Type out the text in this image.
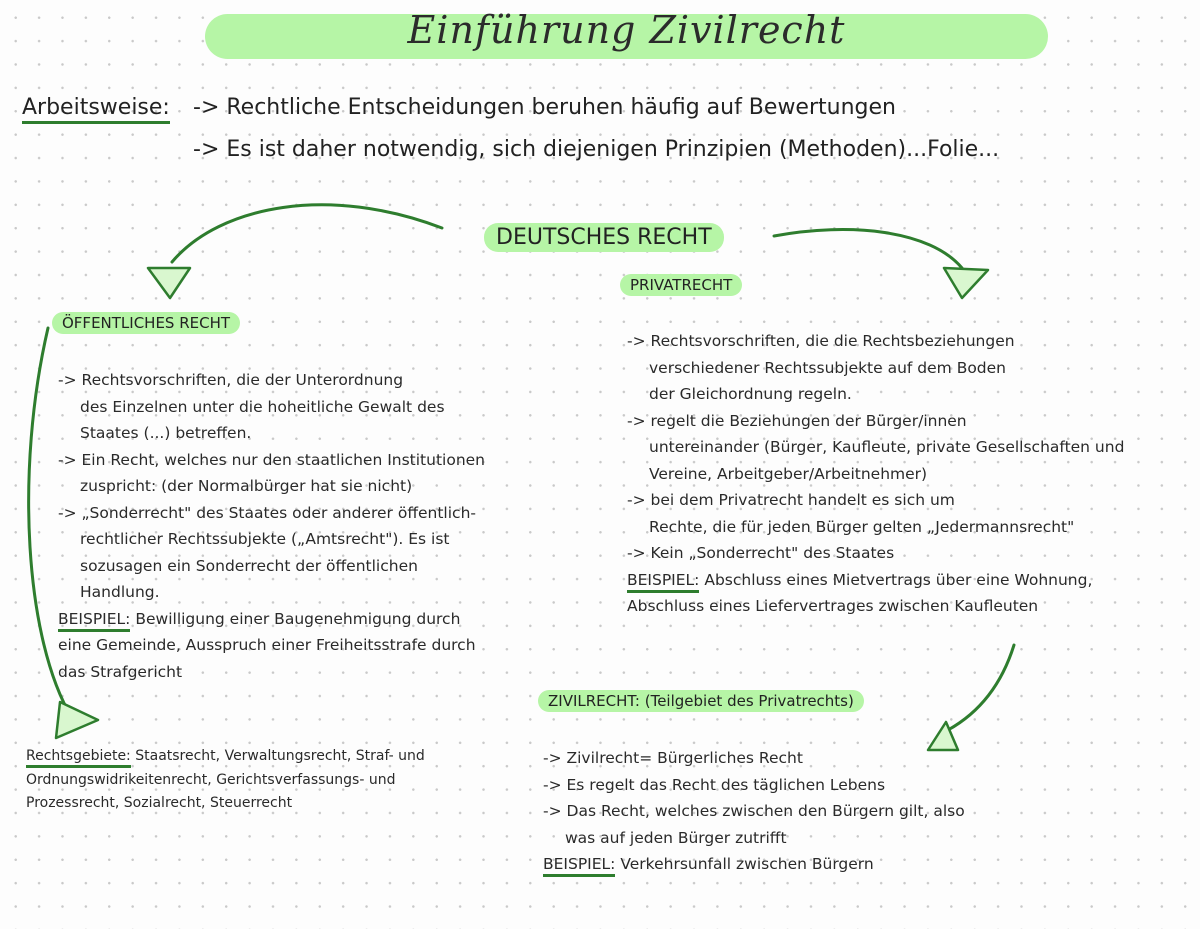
Einführung Zivilrecht
Arbeitsweise: -> Rechtliche Entscheidungen beruhen häufig auf Bewertungen
-> Es ist daher notwendig, sich diejenigen Prinzipien (Methoden)...Folie...
DEUTSCHES RECHT
ÖFFENTLICHES RECHT
-> Rechtsvorschriften, die der Unterordnung
des Einzelnen unter die hoheitliche Gewalt des
Staates (...) betreffen.
-> Ein Recht, welches nur den staatlichen Institutionen
zuspricht: (der Normalbürger hat sie nicht)
-> „Sonderrecht" des Staates oder anderer öffentlich-
rechtlicher Rechtssubjekte („Amtsrecht"). Es ist
sozusagen ein Sonderrecht der öffentlichen
Handlung.
BEISPIEL: Bewilligung einer Baugenehmigung durch
eine Gemeinde, Ausspruch einer Freiheitsstrafe durch
das Strafgericht
Rechtsgebiete: Staatsrecht, Verwaltungsrecht, Straf- und
Ordnungswidrikeitenrecht, Gerichtsverfassungs- und
Prozessrecht, Sozialrecht, Steuerrecht
PRIVATRECHT
-> Rechtsvorschriften, die die Rechtsbeziehungen
verschiedener Rechtssubjekte auf dem Boden
der Gleichordnung regeln.
-> regelt die Beziehungen der Bürger/innen
untereinander (Bürger, Kaufleute, private Gesellschaften und
Vereine, Arbeitgeber/Arbeitnehmer)
-> bei dem Privatrecht handelt es sich um
Rechte, die für jeden Bürger gelten „Jedermannsrecht"
-> Kein „Sonderrecht" des Staates
BEISPIEL: Abschluss eines Mietvertrags über eine Wohnung,
Abschluss eines Liefervertrages zwischen Kaufleuten
ZIVILRECHT: (Teilgebiet des Privatrechts)
-> Zivilrecht= Bürgerliches Recht
-> Es regelt das Recht des täglichen Lebens
-> Das Recht, welches zwischen den Bürgern gilt, also
was auf jeden Bürger zutrifft
BEISPIEL: Verkehrsunfall zwischen Bürgern
